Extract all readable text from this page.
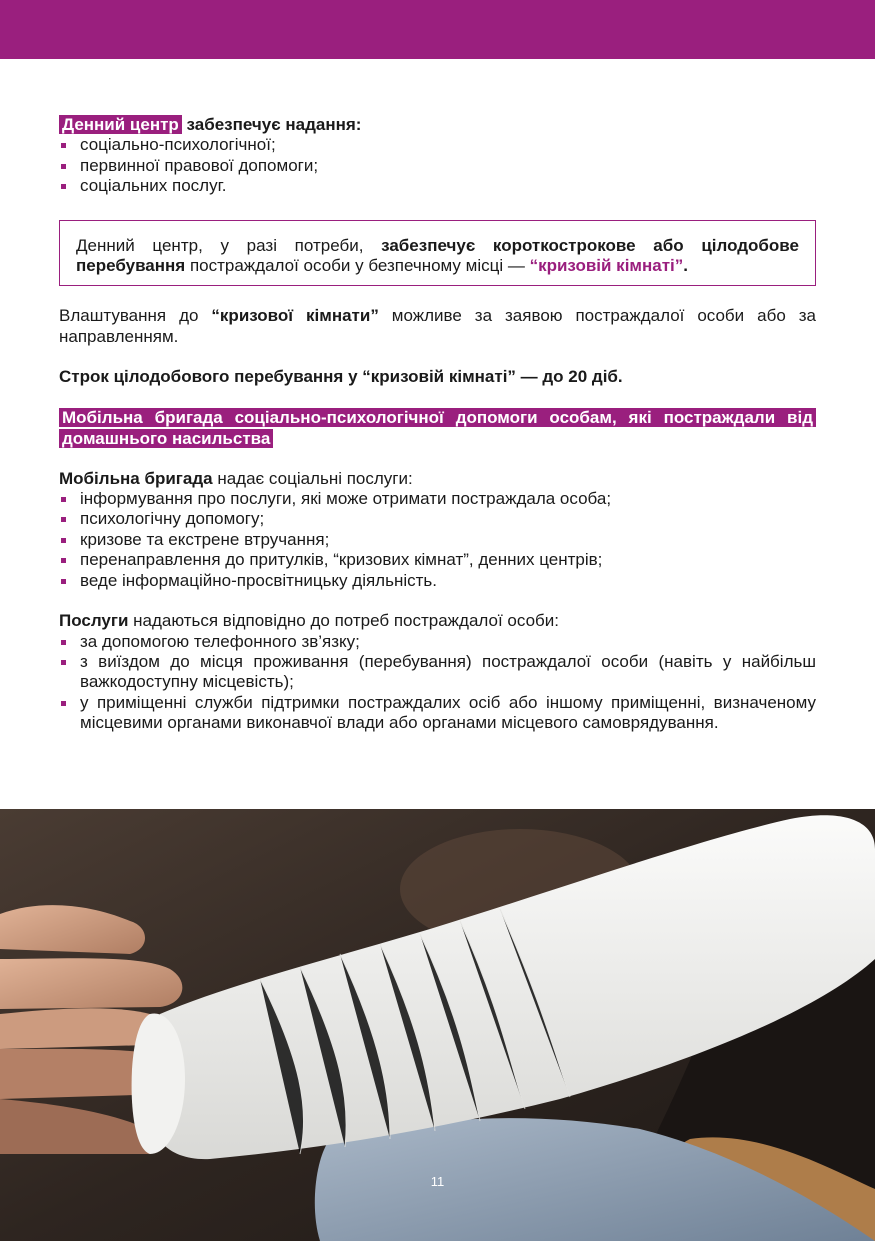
Денний центр забезпечує надання:

соціально-психологічної;
первинної правової допомоги;
соціальних послуг.
Денний центр, у разі потреби, забезпечує короткострокове або цілодобове перебування постраждалої особи у безпечному місці — “кризовій кімнаті”.

Влаштування до “кризової кімнати” можливе за заявою постраждалої особи або за направленням.

Строк цілодобового перебування у “кризовій кімнаті” — до 20 діб.

Мобільна бригада соціально-психологічної допомоги особам, які постраждали від домашнього насильства

Мобільна бригада надає соціальні послуги:

інформування про послуги, які може отримати постраждала особа;
психологічну допомогу;
кризове та екстрене втручання;
перенаправлення до притулків, “кризових кімнат”, денних центрів;
веде інформаційно-просвітницьку діяльність.

Послуги надаються відповідно до потреб постраждалої особи:

за допомогою телефонного зв’язку;
з виїздом до місця проживання (перебування) постраждалої особи (навіть у найбільш важкодоступну місцевість);
у приміщенні служби підтримки постраждалих осіб або іншому приміщенні, визначеному місцевими органами виконавчої влади або органами місцевого самоврядування.
11
